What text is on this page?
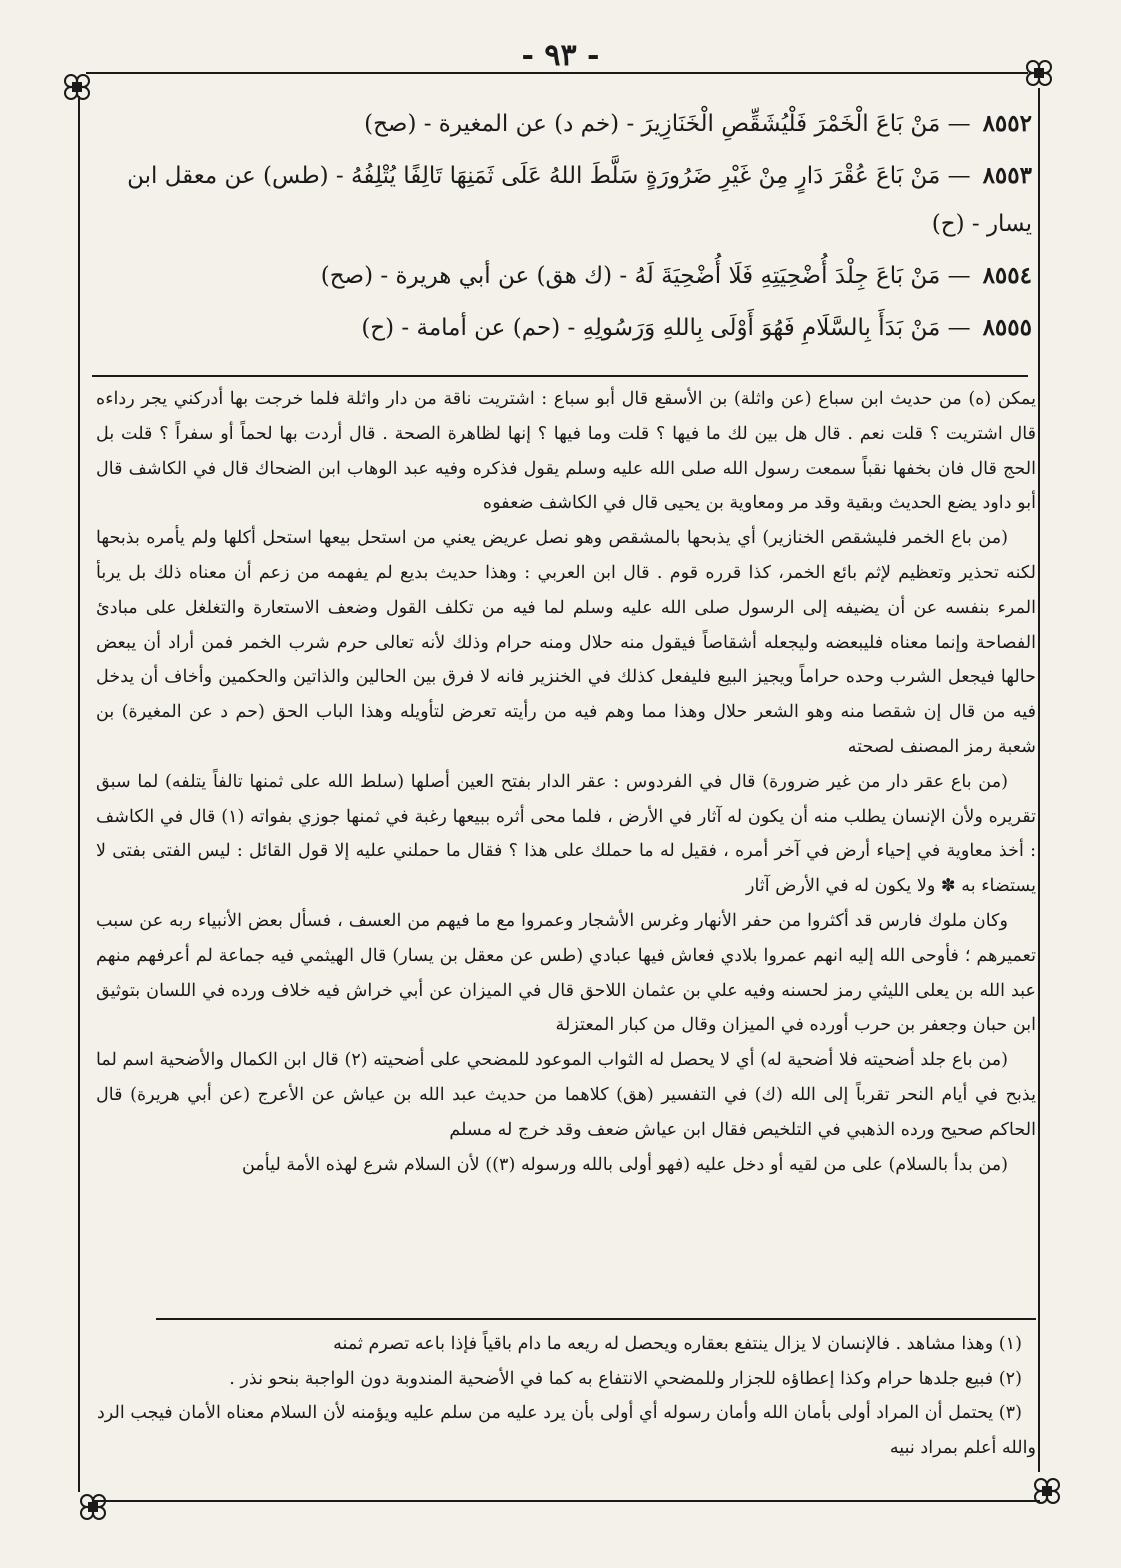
- ٩٣ -

٨٥٥٢— مَنْ بَاعَ الْخَمْرَ فَلْيُشَقِّصِ الْخَنَازِيرَ - (خم د) عن المغيرة - (صح)

٨٥٥٣— مَنْ بَاعَ عُقْرَ دَارٍ مِنْ غَيْرِ ضَرُورَةٍ سَلَّطَ اللهُ عَلَى ثَمَنِهَا تَالِفًا يُتْلِفُهُ - (طس) عن معقل ابن يسار - (ح)

٨٥٥٤— مَنْ بَاعَ جِلْدَ أُضْحِيَتِهِ فَلَا أُضْحِيَةَ لَهُ - (ك هق) عن أبي هريرة - (صح)

٨٥٥٥— مَنْ بَدَأَ بِالسَّلَامِ فَهُوَ أَوْلَى بِاللهِ وَرَسُولِهِ - (حم) عن أمامة - (ح)

يمكن (ه) من حديث ابن سباع (عن واثلة) بن الأسقع قال أبو سباع : اشتريت ناقة من دار واثلة فلما خرجت بها أدركني يجر رداءه قال اشتريت ؟ قلت نعم . قال هل بين لك ما فيها ؟ قلت وما فيها ؟ إنها لظاهرة الصحة . قال أردت بها لحماً أو سفراً ؟ قلت بل الحج قال فان بخفها نقباً سمعت رسول الله صلى الله عليه وسلم يقول فذكره وفيه عبد الوهاب ابن الضحاك قال في الكاشف قال أبو داود يضع الحديث وبقية وقد مر ومعاوية بن يحيى قال في الكاشف ضعفوه

(من باع الخمر فليشقص الخنازير) أي يذبحها بالمشقص وهو نصل عريض يعني من استحل بيعها استحل أكلها ولم يأمره بذبحها لكنه تحذير وتعظيم لإثم بائع الخمر، كذا قرره قوم . قال ابن العربي : وهذا حديث بديع لم يفهمه من زعم أن معناه ذلك بل يربأ المرء بنفسه عن أن يضيفه إلى الرسول صلى الله عليه وسلم لما فيه من تكلف القول وضعف الاستعارة والتغلغل على مبادئ الفصاحة وإنما معناه فليبعضه وليجعله أشقاصاً فيقول منه حلال ومنه حرام وذلك لأنه تعالى حرم شرب الخمر فمن أراد أن يبعض حالها فيجعل الشرب وحده حراماً ويجيز البيع فليفعل كذلك في الخنزير فانه لا فرق بين الحالين والذاتين والحكمين وأخاف أن يدخل فيه من قال إن شقصا منه وهو الشعر حلال وهذا مما وهم فيه من رأيته تعرض لتأويله وهذا الباب الحق (حم د عن المغيرة) بن شعبة رمز المصنف لصحته

(من باع عقر دار من غير ضرورة) قال في الفردوس : عقر الدار بفتح العين أصلها (سلط الله على ثمنها تالفاً يتلفه) لما سبق تقريره ولأن الإنسان يطلب منه أن يكون له آثار في الأرض ، فلما محى أثره ببيعها رغبة في ثمنها جوزي بفواته (١) قال في الكاشف : أخذ معاوية في إحياء أرض في آخر أمره ، فقيل له ما حملك على هذا ؟ فقال ما حملني عليه إلا قول القائل : ليس الفتى بفتى لا يستضاء به ✽ ولا يكون له في الأرض آثار

وكان ملوك فارس قد أكثروا من حفر الأنهار وغرس الأشجار وعمروا مع ما فيهم من العسف ، فسأل بعض الأنبياء ربه عن سبب تعميرهم ؛ فأوحى الله إليه انهم عمروا بلادي فعاش فيها عبادي (طس عن معقل بن يسار) قال الهيثمي فيه جماعة لم أعرفهم منهم عبد الله بن يعلى الليثي رمز لحسنه وفيه علي بن عثمان اللاحق قال في الميزان عن أبي خراش فيه خلاف ورده في اللسان بتوثيق ابن حبان وجعفر بن حرب أورده في الميزان وقال من كبار المعتزلة

(من باع جلد أضحيته فلا أضحية له) أي لا يحصل له الثواب الموعود للمضحي على أضحيته (٢) قال ابن الكمال والأضحية اسم لما يذبح في أيام النحر تقرباً إلى الله (ك) في التفسير (هق) كلاهما من حديث عبد الله بن عياش عن الأعرج (عن أبي هريرة) قال الحاكم صحيح ورده الذهبي في التلخيص فقال ابن عياش ضعف وقد خرج له مسلم

(من بدأ بالسلام) على من لقيه أو دخل عليه (فهو أولى بالله ورسوله (٣)) لأن السلام شرع لهذه الأمة ليأمن

(١) وهذا مشاهد . فالإنسان لا يزال ينتفع بعقاره ويحصل له ريعه ما دام باقياً فإذا باعه تصرم ثمنه

(٢) فبيع جلدها حرام وكذا إعطاؤه للجزار وللمضحي الانتفاع به كما في الأضحية المندوبة دون الواجبة بنحو نذر .

(٣) يحتمل أن المراد أولى بأمان الله وأمان رسوله أي أولى بأن يرد عليه من سلم عليه ويؤمنه لأن السلام معناه الأمان فيجب الرد والله أعلم بمراد نبيه
